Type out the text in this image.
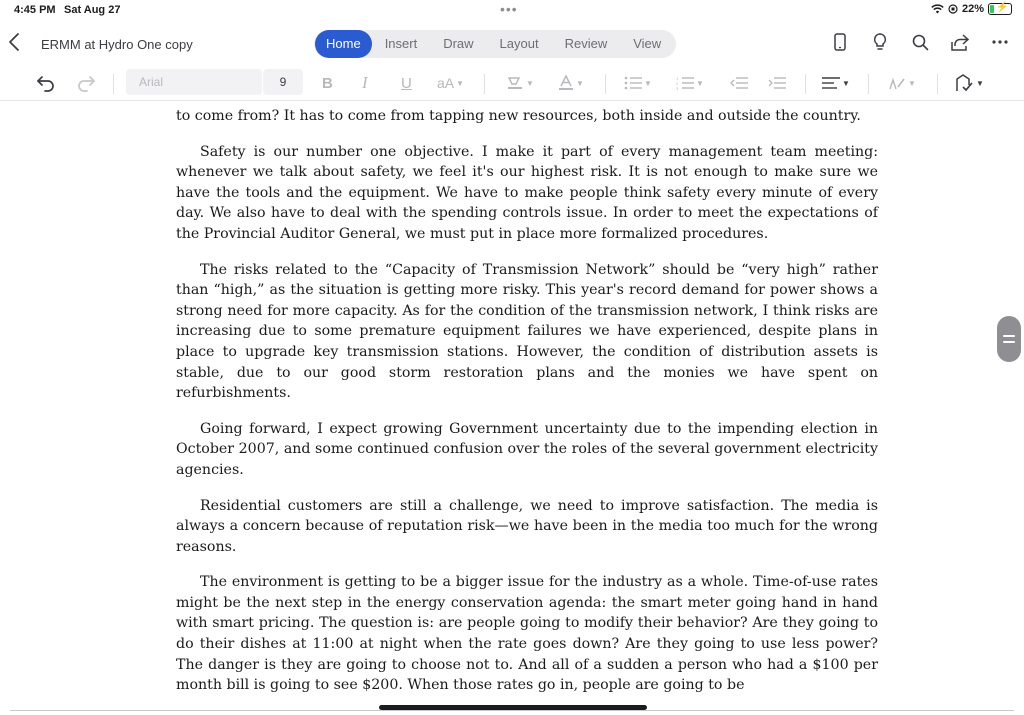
4:45 PM Sat Aug 27	•••	22% ⚡
ERMM at Hydro One copy	Home	Insert	Draw	Layout	Review	View
Arial	9	B I U aA ▼	▼	▼	▼	1
2
3
▼	▼	▼	▼

to come from? It has to come from tapping new resources, both inside and outside the country.

Safety is our number one objective. I make it part of every management team meeting: whenever we talk about safety, we feel it's our highest risk. It is not enough to make sure we have the tools and the equipment. We have to make people think safety every minute of every day. We also have to deal with the spending controls issue. In order to meet the expectations of the Provincial Auditor General, we must put in place more formalized procedures.

The risks related to the “Capacity of Transmission Network” should be “very high” rather than “high,” as the situation is getting more risky. This year's record demand for power shows a strong need for more capacity. As for the condition of the transmission network, I think risks are increasing due to some premature equipment failures we have experienced, despite plans in place to upgrade key transmission stations. However, the condition of distribution assets is stable, due to our good storm restoration plans and the monies we have spent on refurbishments.

Going forward, I expect growing Government uncertainty due to the impending election in October 2007, and some continued confusion over the roles of the several government electricity agencies.

Residential customers are still a challenge, we need to improve satisfaction. The media is always a concern because of reputation risk—we have been in the media too much for the wrong reasons.

The environment is getting to be a bigger issue for the industry as a whole. Time-of-use rates might be the next step in the energy conservation agenda: the smart meter going hand in hand with smart pricing. The question is: are people going to modify their behavior? Are they going to do their dishes at 11:00 at night when the rate goes down? Are they going to use less power? The danger is they are going to choose not to. And all of a sudden a person who had a $100 per month bill is going to see $200. When those rates go in, people are going to be
